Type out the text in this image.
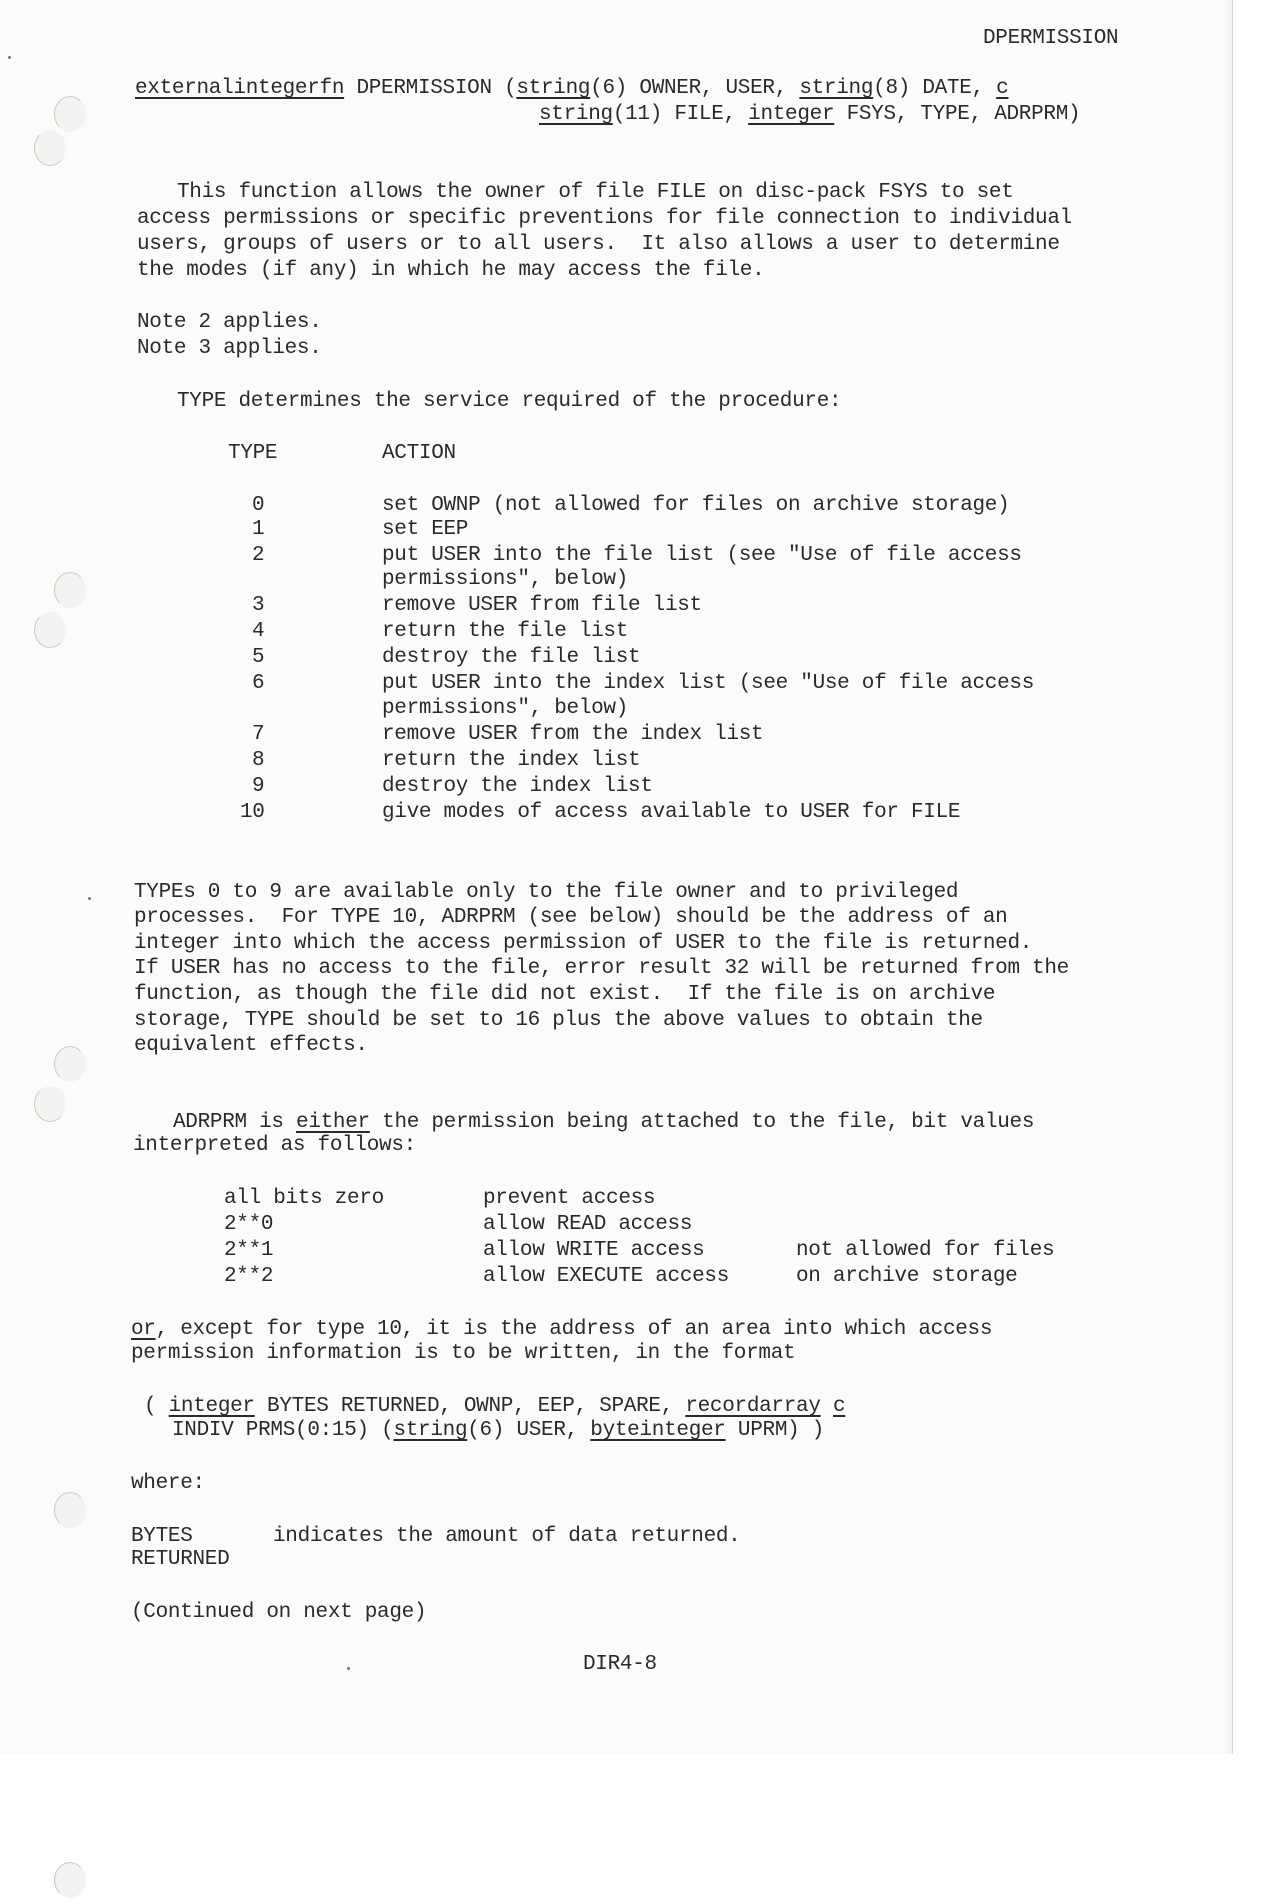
DPERMISSION
externalintegerfn DPERMISSION (string(6) OWNER, USER, string(8) DATE, c
string(11) FILE, integer FSYS, TYPE, ADRPRM)
This function allows the owner of file FILE on disc-pack FSYS to set
access permissions or specific preventions for file connection to individual
users, groups of users or to all users.  It also allows a user to determine
the modes (if any) in which he may access the file.
Note 2 applies.
Note 3 applies.
TYPE determines the service required of the procedure:
TYPE	ACTION
0	set OWNP (not allowed for files on archive storage)
1	set EEP
2	put USER into the file list (see "Use of file access
permissions", below)
3	remove USER from file list
4	return the file list
5	destroy the file list
6	put USER into the index list (see "Use of file access
permissions", below)
7	remove USER from the index list
8	return the index list
9	destroy the index list
10	give modes of access available to USER for FILE
TYPEs 0 to 9 are available only to the file owner and to privileged
processes.  For TYPE 10, ADRPRM (see below) should be the address of an
integer into which the access permission of USER to the file is returned.
If USER has no access to the file, error result 32 will be returned from the
function, as though the file did not exist.  If the file is on archive
storage, TYPE should be set to 16 plus the above values to obtain the
equivalent effects.
ADRPRM is either the permission being attached to the file, bit values
interpreted as follows:
all bits zero	prevent access
2**0	allow READ access
2**1	allow WRITE access	not allowed for files
2**2	allow EXECUTE access	on archive storage
or, except for type 10, it is the address of an area into which access
permission information is to be written, in the format
( integer BYTES RETURNED, OWNP, EEP, SPARE, recordarray c
INDIV PRMS(0:15) (string(6) USER, byteinteger UPRM) )
where:
BYTES
RETURNED
indicates the amount of data returned.
(Continued on next page)
DIR4-8
